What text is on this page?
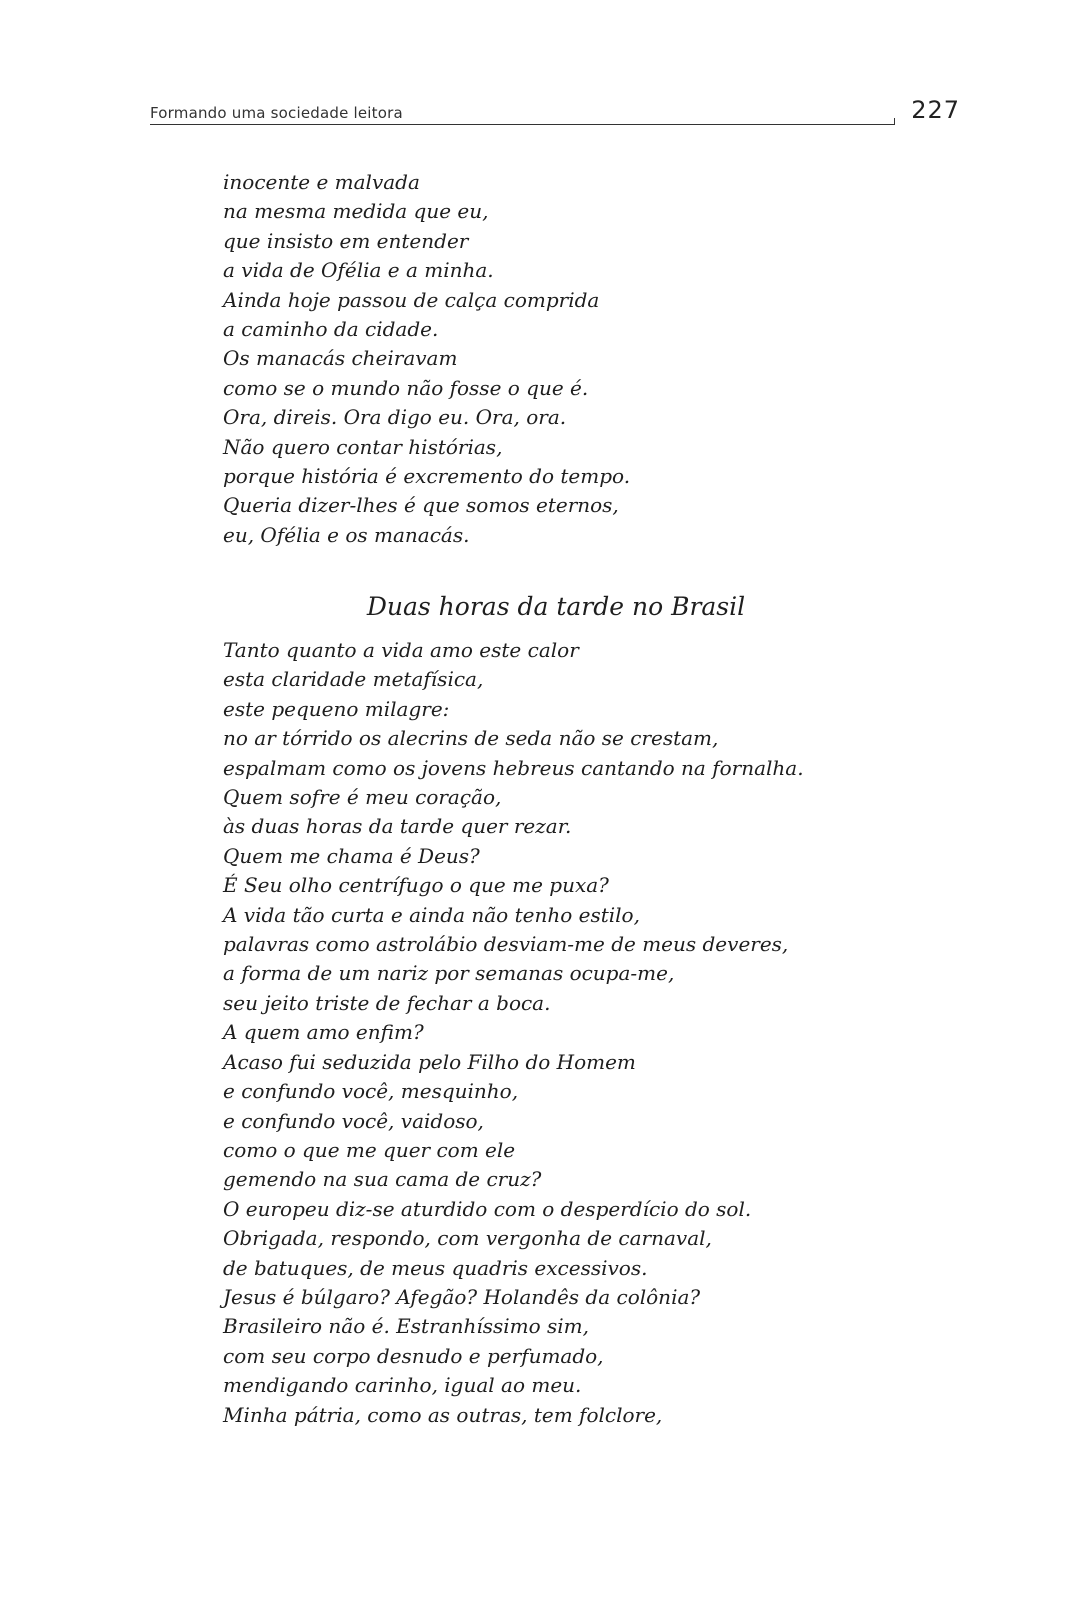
Formando uma sociedade leitora	227
inocente e malvada
na mesma medida que eu,
que insisto em entender
a vida de Ofélia e a minha.
Ainda hoje passou de calça comprida
a caminho da cidade.
Os manacás cheiravam
como se o mundo não fosse o que é.
Ora, direis. Ora digo eu. Ora, ora.
Não quero contar histórias,
porque história é excremento do tempo.
Queria dizer-lhes é que somos eternos,
eu, Ofélia e os manacás.
Duas horas da tarde no Brasil
Tanto quanto a vida amo este calor
esta claridade metafísica,
este pequeno milagre:
no ar tórrido os alecrins de seda não se crestam,
espalmam como os jovens hebreus cantando na fornalha.
Quem sofre é meu coração,
às duas horas da tarde quer rezar.
Quem me chama é Deus?
É Seu olho centrífugo o que me puxa?
A vida tão curta e ainda não tenho estilo,
palavras como astrolábio desviam-me de meus deveres,
a forma de um nariz por semanas ocupa-me,
seu jeito triste de fechar a boca.
A quem amo enfim?
Acaso fui seduzida pelo Filho do Homem
e confundo você, mesquinho,
e confundo você, vaidoso,
como o que me quer com ele
gemendo na sua cama de cruz?
O europeu diz-se aturdido com o desperdício do sol.
Obrigada, respondo, com vergonha de carnaval,
de batuques, de meus quadris excessivos.
Jesus é búlgaro? Afegão? Holandês da colônia?
Brasileiro não é. Estranhíssimo sim,
com seu corpo desnudo e perfumado,
mendigando carinho, igual ao meu.
Minha pátria, como as outras, tem folclore,
